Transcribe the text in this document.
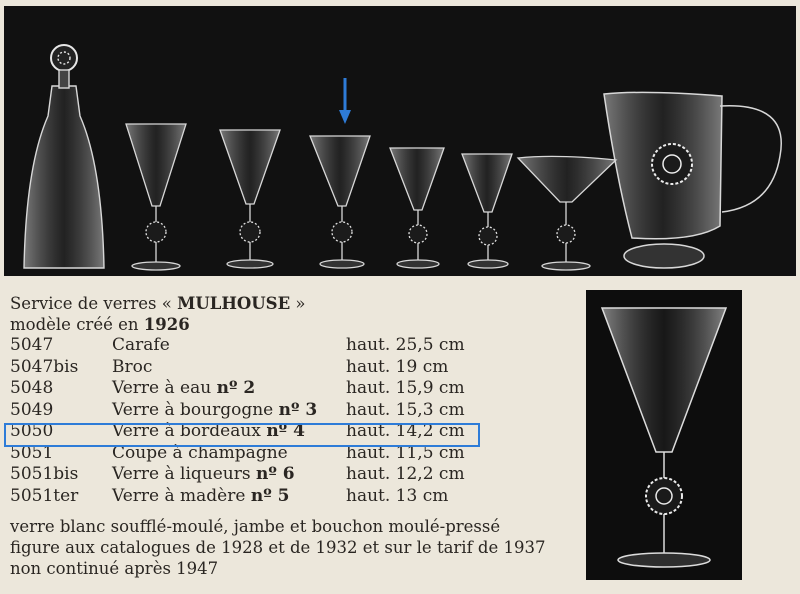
Service de verres « MULHOUSE »
modèle créé en 1926
5047	Carafe	haut. 25,5 cm
5047bis Broc	haut. 19 cm
5048	Verre à eau nº 2	haut. 15,9 cm
5049	Verre à bourgogne nº 3 haut. 15,3 cm
5050	Verre à bordeaux nº 4 haut. 14,2 cm
5051	Coupe à champagne	haut. 11,5 cm
5051bis Verre à liqueurs nº 6	haut. 12,2 cm
5051ter Verre à madère nº 5	haut. 13 cm
verre blanc soufflé-moulé, jambe et bouchon moulé-pressé
figure aux catalogues de 1928 et de 1932 et sur le tarif de 1937
non continué après 1947
